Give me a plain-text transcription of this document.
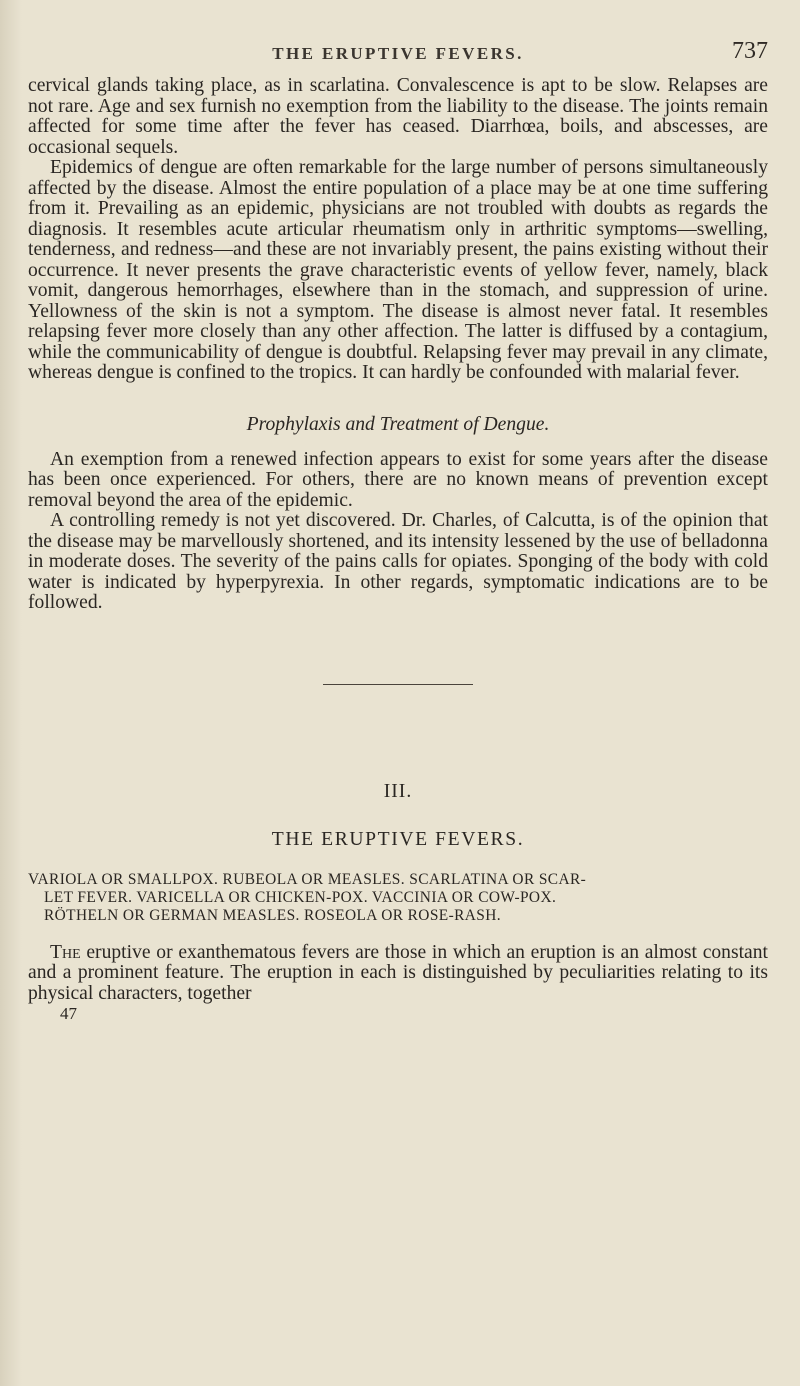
THE ERUPTIVE FEVERS.	737

cervical glands taking place, as in scarlatina. Convalescence is apt to be slow. Relapses are not rare. Age and sex furnish no exemption from the liability to the disease. The joints remain affected for some time after the fever has ceased. Diarrhœa, boils, and abscesses, are occasional sequels.

Epidemics of dengue are often remarkable for the large number of persons simultaneously affected by the disease. Almost the entire population of a place may be at one time suffering from it. Prevailing as an epidemic, physicians are not troubled with doubts as regards the diagnosis. It resembles acute articular rheumatism only in arthritic symptoms—swelling, tenderness, and redness—and these are not invariably present, the pains existing without their occurrence. It never presents the grave characteristic events of yellow fever, namely, black vomit, dangerous hemorrhages, elsewhere than in the stomach, and suppression of urine. Yellowness of the skin is not a symptom. The disease is almost never fatal. It resembles relapsing fever more closely than any other affection. The latter is diffused by a contagium, while the communicability of dengue is doubtful. Relapsing fever may prevail in any climate, whereas dengue is confined to the tropics. It can hardly be confounded with malarial fever.

Prophylaxis and Treatment of Dengue.

An exemption from a renewed infection appears to exist for some years after the disease has been once experienced. For others, there are no known means of prevention except removal beyond the area of the epidemic.

A controlling remedy is not yet discovered. Dr. Charles, of Calcutta, is of the opinion that the disease may be marvellously shortened, and its intensity lessened by the use of belladonna in moderate doses. The severity of the pains calls for opiates. Sponging of the body with cold water is indicated by hyperpyrexia. In other regards, symptomatic indications are to be followed.

III.
THE ERUPTIVE FEVERS.
VARIOLA OR SMALLPOX. RUBEOLA OR MEASLES. SCARLATINA OR SCAR-
LET FEVER. VARICELLA OR CHICKEN-POX. VACCINIA OR COW-POX.
RÖTHELN OR GERMAN MEASLES. ROSEOLA OR ROSE-RASH.

The eruptive or exanthematous fevers are those in which an eruption is an almost constant and a prominent feature. The eruption in each is distinguished by peculiarities relating to its physical characters, together

47
